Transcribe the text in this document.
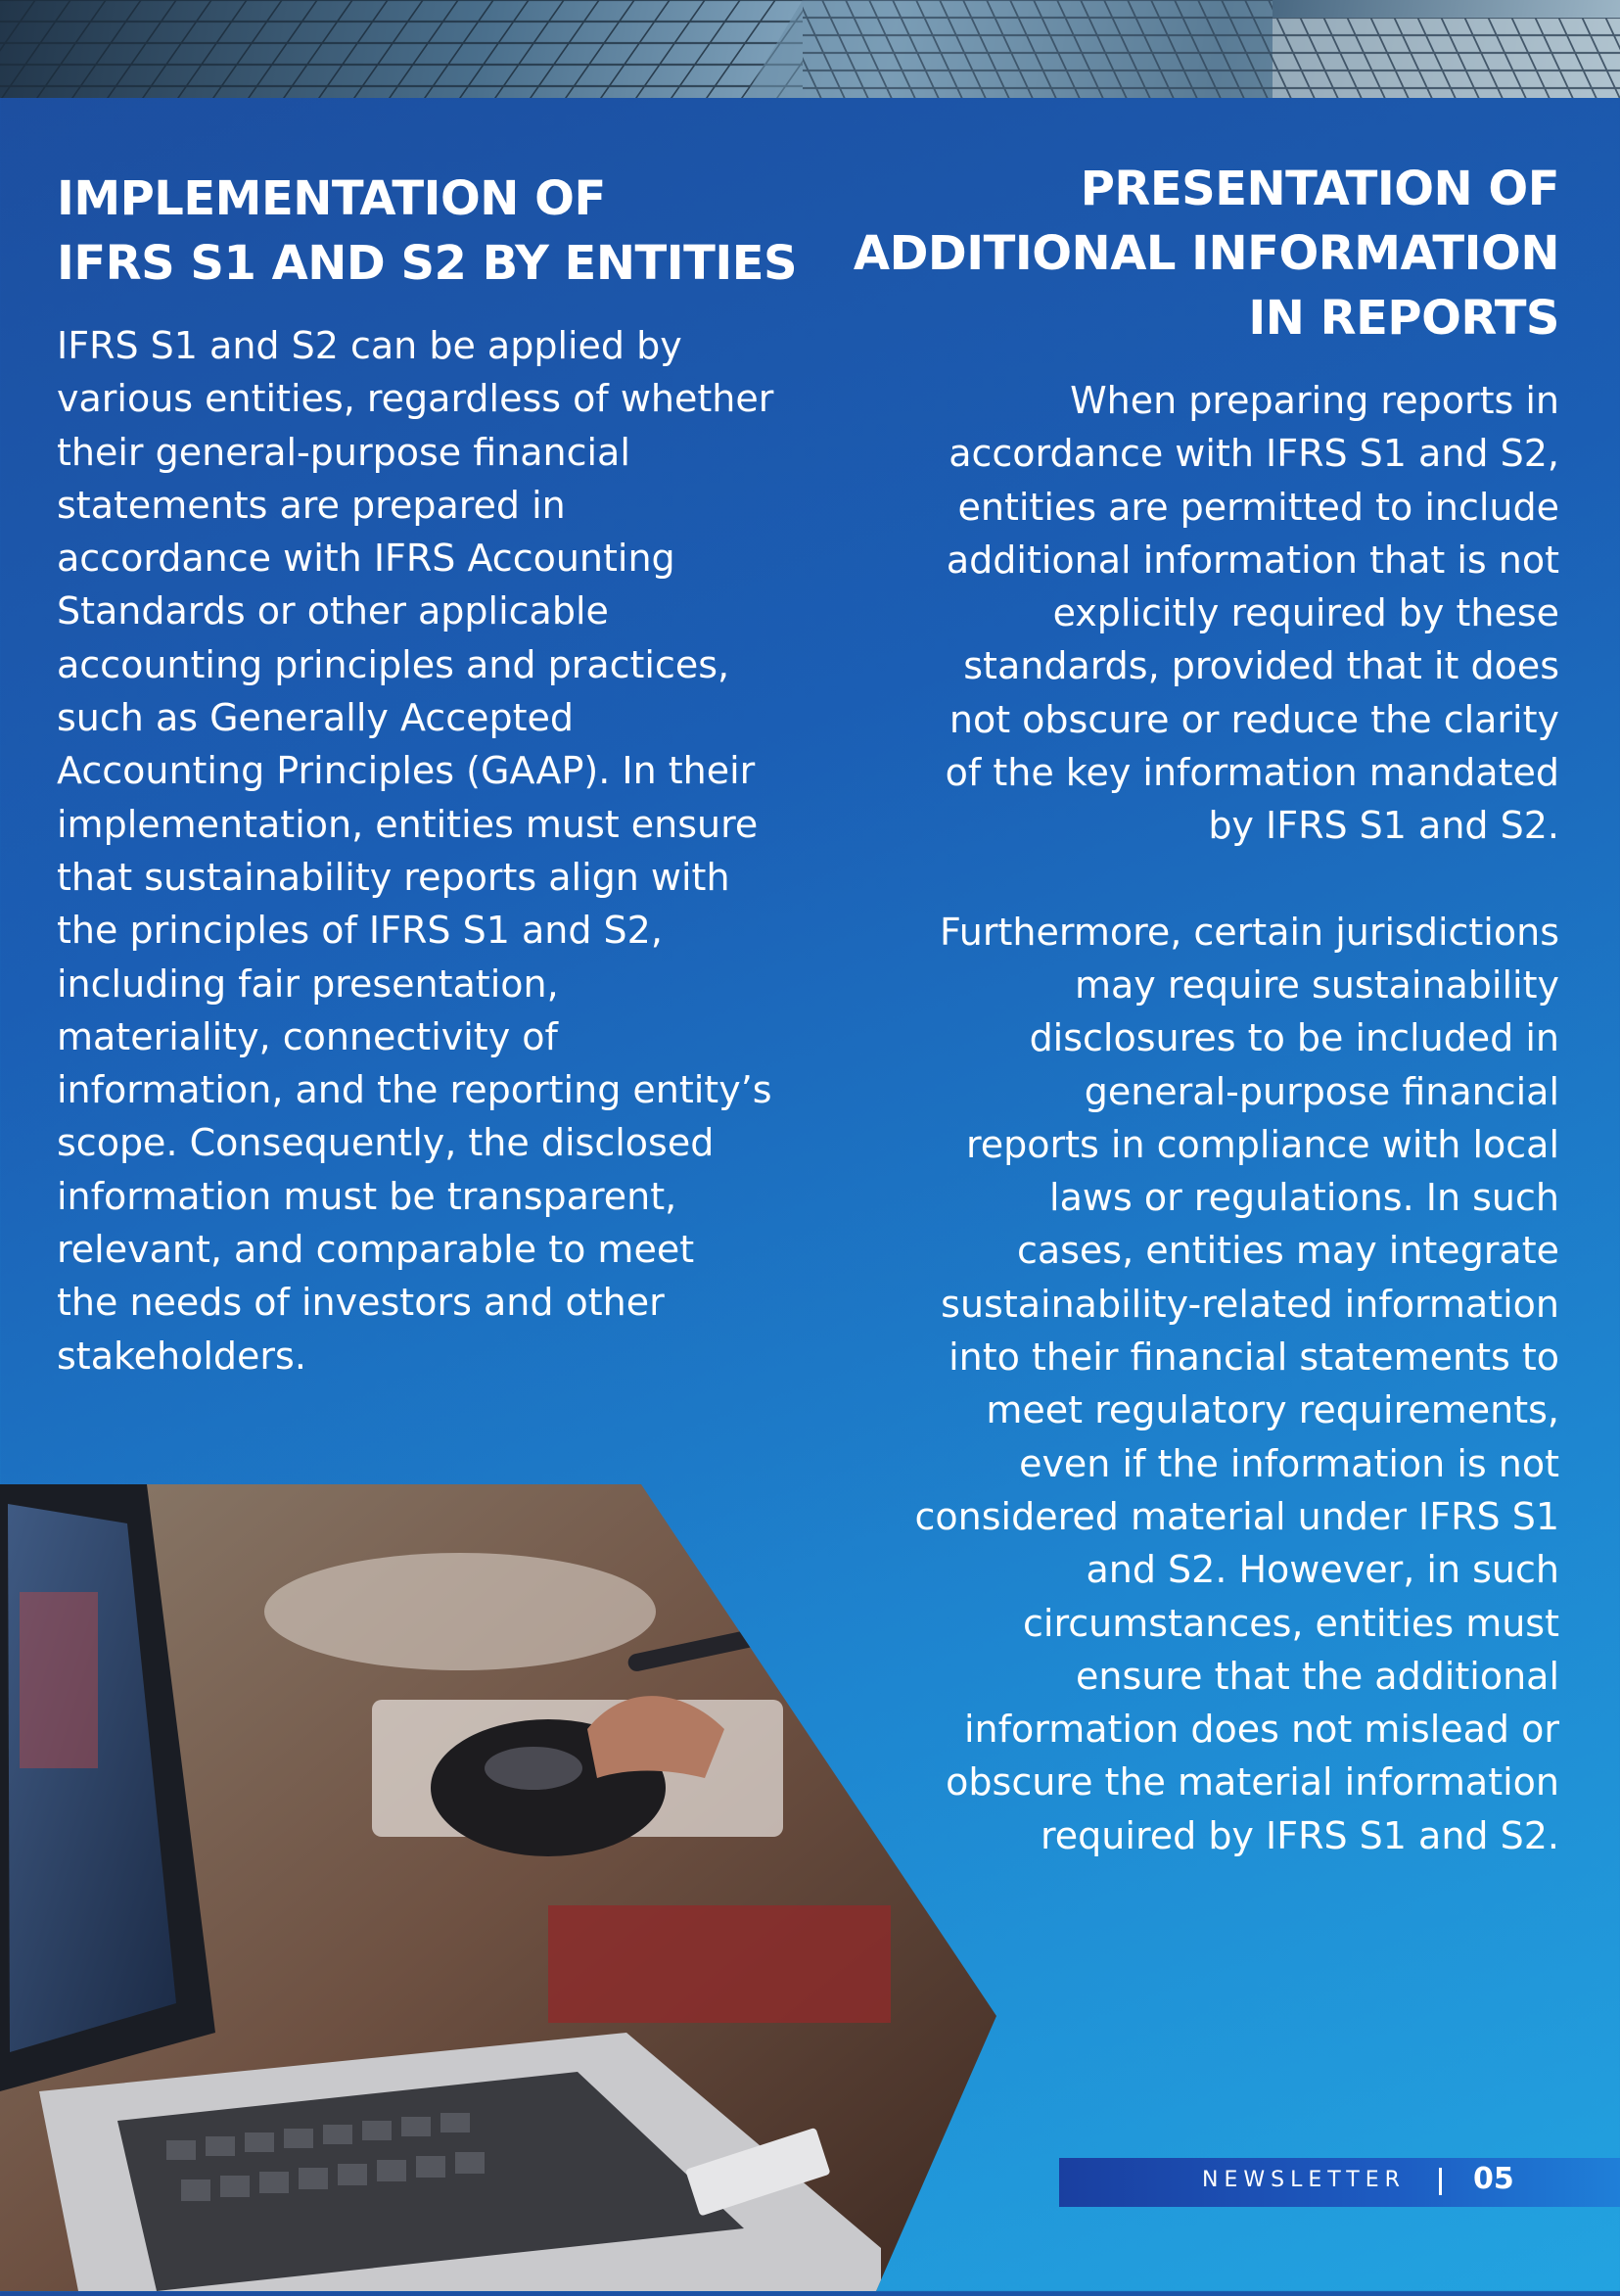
IMPLEMENTATION OF
IFRS S1 AND S2 BY ENTITIES

IFRS S1 and S2 can be applied by
various entities, regardless of whether
their general-purpose financial
statements are prepared in
accordance with IFRS Accounting
Standards or other applicable
accounting principles and practices,
such as Generally Accepted
Accounting Principles (GAAP). In their
implementation, entities must ensure
that sustainability reports align with
the principles of IFRS S1 and S2,
including fair presentation,
materiality, connectivity of
information, and the reporting entity’s
scope. Consequently, the disclosed
information must be transparent,
relevant, and comparable to meet
the needs of investors and other
stakeholders.

PRESENTATION OF
ADDITIONAL INFORMATION
IN REPORTS

When preparing reports in
accordance with IFRS S1 and S2,
entities are permitted to include
additional information that is not
explicitly required by these
standards, provided that it does
not obscure or reduce the clarity
of the key information mandated
by IFRS S1 and S2.

Furthermore, certain jurisdictions
may require sustainability
disclosures to be included in
general-purpose financial
reports in compliance with local
laws or regulations. In such
cases, entities may integrate
sustainability-related information
into their financial statements to
meet regulatory requirements,
even if the information is not
considered material under IFRS S1
and S2. However, in such
circumstances, entities must
ensure that the additional
information does not mislead or
obscure the material information
required by IFRS S1 and S2.

NEWSLETTER 05
